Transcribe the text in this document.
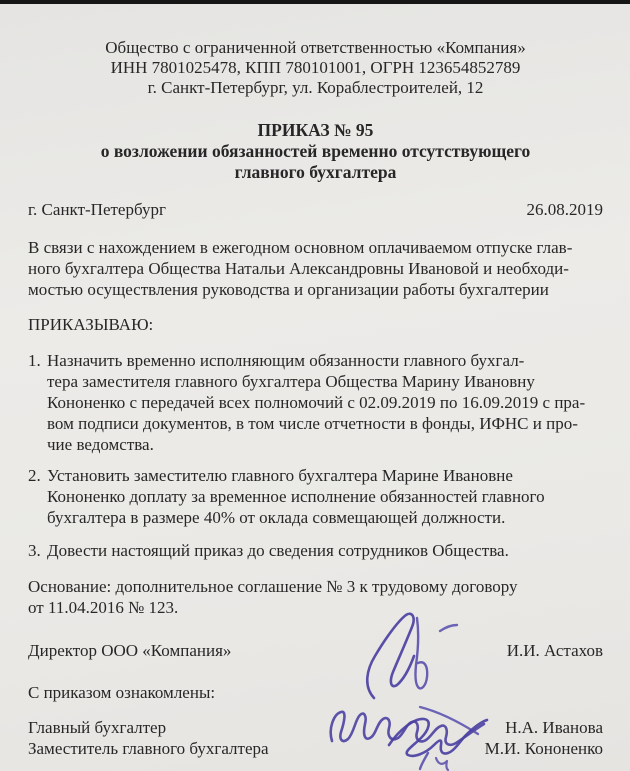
Общество с ограниченной ответственностью «Компания»
ИНН 7801025478, КПП 780101001, ОГРН 123654852789
г. Санкт-Петербург, ул. Кораблестроителей, 12
ПРИКАЗ № 95
о возложении обязанностей временно отсутствующего
главного бухгалтера
г. Санкт-Петербург	26.08.2019
В связи с нахождением в ежегодном основном оплачиваемом отпуске глав-
ного бухгалтера Общества Натальи Александровны Ивановой и необходи-
мостью осуществления руководства и организации работы бухгалтерии
ПРИКАЗЫВАЮ:
1. Назначить временно исполняющим обязанности главного бухгал-
тера заместителя главного бухгалтера Общества Марину Ивановну
Кононенко с передачей всех полномочий с 02.09.2019 по 16.09.2019 с пра-
вом подписи документов, в том числе отчетности в фонды, ИФНС и про-
чие ведомства.
2. Установить заместителю главного бухгалтера Марине Ивановне
Кононенко доплату за временное исполнение обязанностей главного
бухгалтера в размере 40% от оклада совмещающей должности.
3. Довести настоящий приказ до сведения сотрудников Общества.
Основание: дополнительное соглашение № 3 к трудовому договору
от 11.04.2016 № 123.
Директор ООО «Компания»	И.И. Астахов
С приказом ознакомлены:
Главный бухгалтер	Н.А. Иванова
Заместитель главного бухгалтера	М.И. Кононенко
